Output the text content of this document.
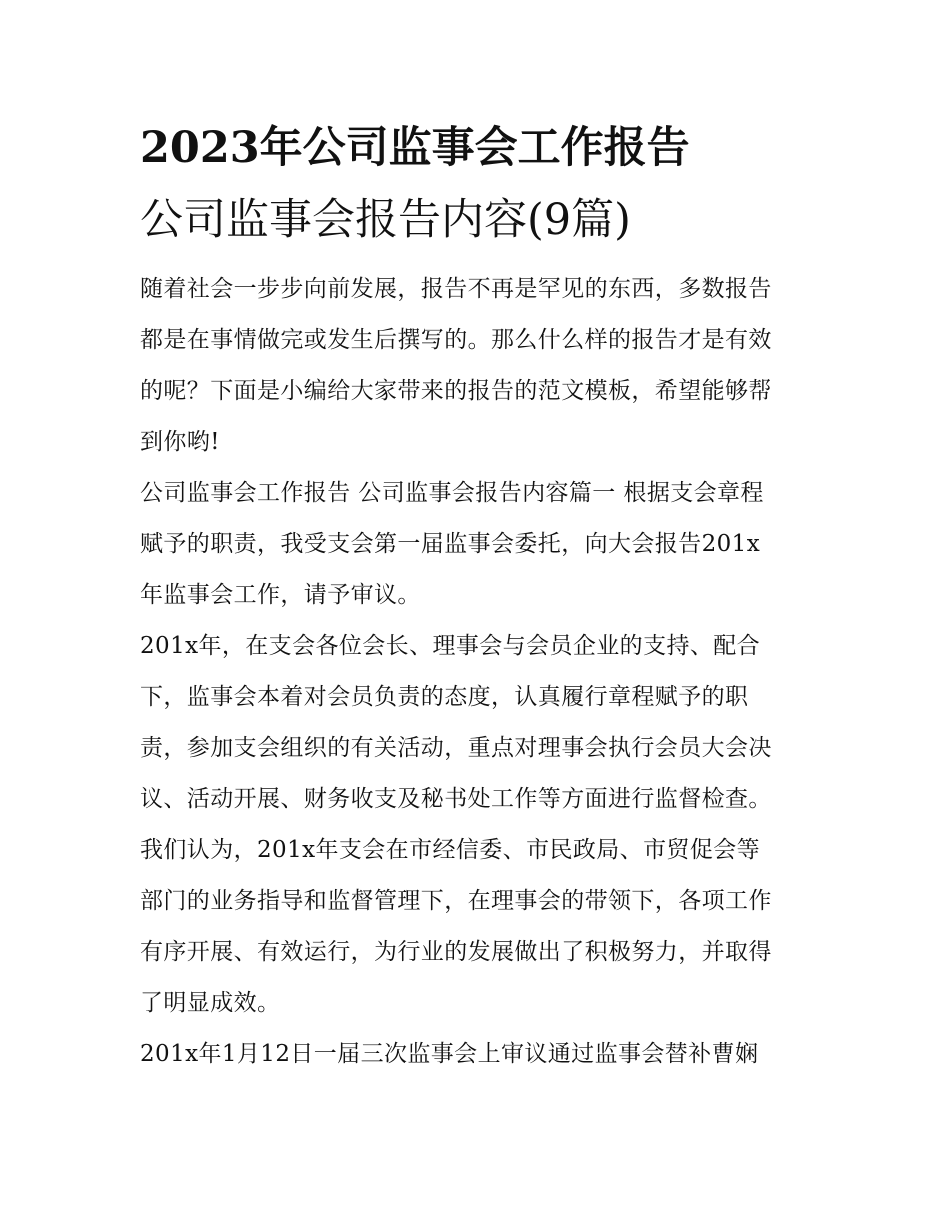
2023年公司监事会工作报告
公司监事会报告内容(9篇)
随着社会一步步向前发展，报告不再是罕见的东西，多数报告
都是在事情做完或发生后撰写的。那么什么样的报告才是有效
的呢？下面是小编给大家带来的报告的范文模板，希望能够帮
到你哟!
公司监事会工作报告 公司监事会报告内容篇一 根据支会章程
赋予的职责，我受支会第一届监事会委托，向大会报告201x
年监事会工作，请予审议。
201x年，在支会各位会长、理事会与会员企业的支持、配合
下，监事会本着对会员负责的态度，认真履行章程赋予的职
责，参加支会组织的有关活动，重点对理事会执行会员大会决
议、活动开展、财务收支及秘书处工作等方面进行监督检查。
我们认为，201x年支会在市经信委、市民政局、市贸促会等
部门的业务指导和监督管理下，在理事会的带领下，各项工作
有序开展、有效运行，为行业的发展做出了积极努力，并取得
了明显成效。
201x年1月12日一届三次监事会上审议通过监事会替补曹娴
